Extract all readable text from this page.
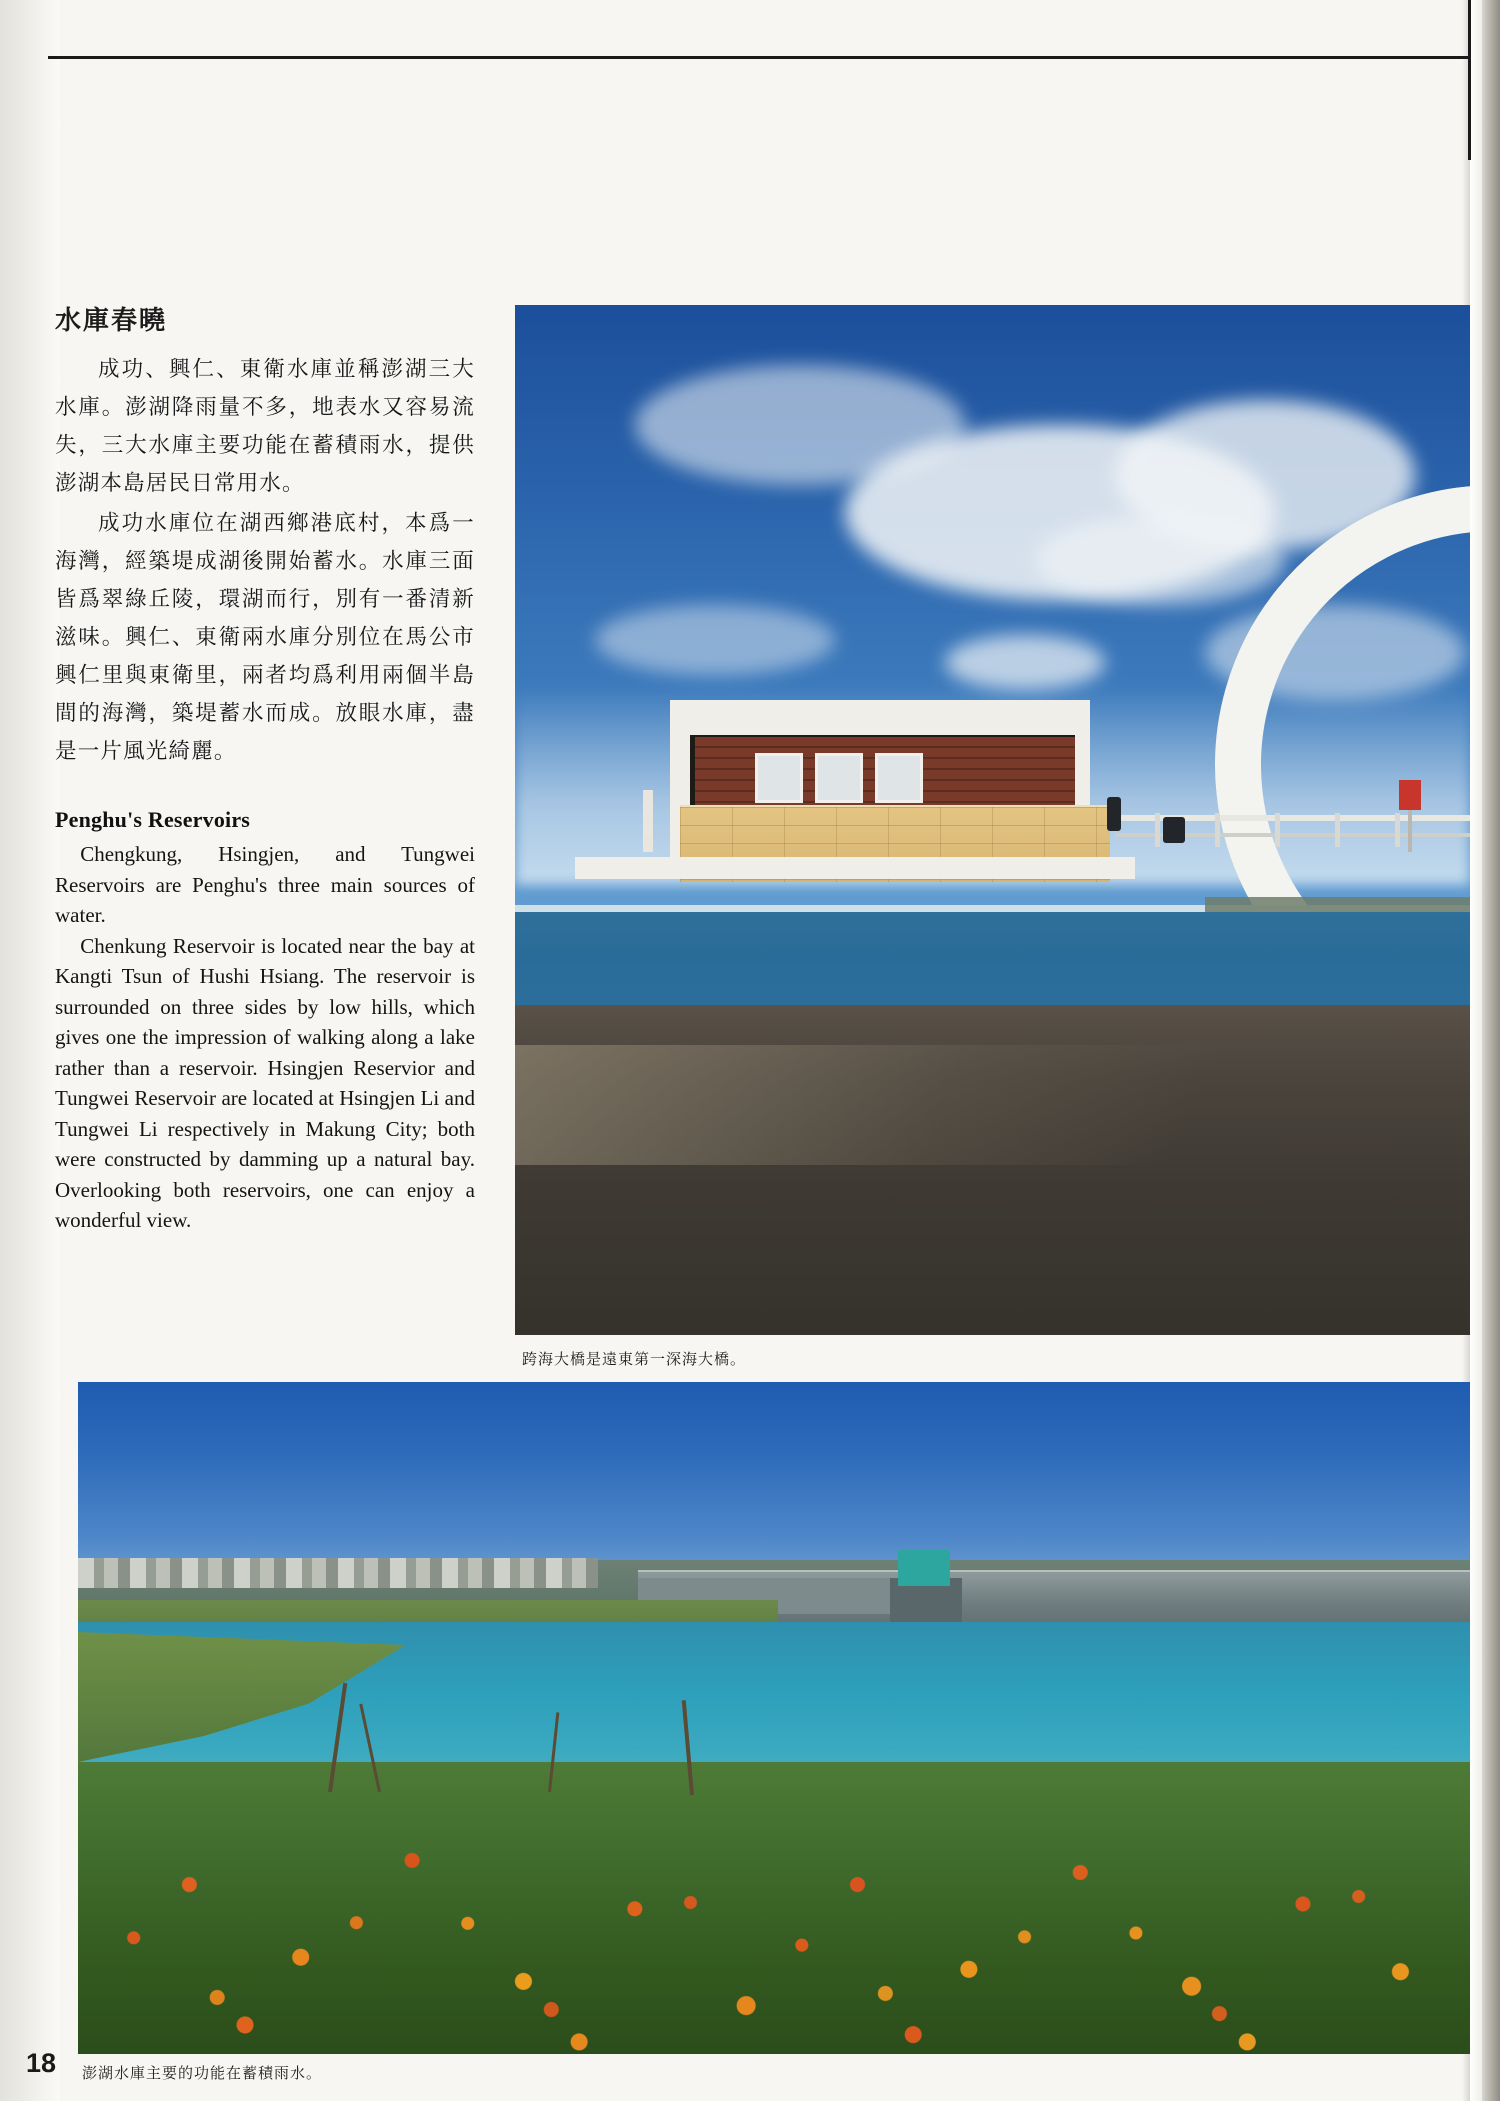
水庫春曉

成功、興仁、東衛水庫並稱澎湖三大水庫。澎湖降雨量不多，地表水又容易流失，三大水庫主要功能在蓄積雨水，提供澎湖本島居民日常用水。

成功水庫位在湖西鄉港底村，本爲一海灣，經築堤成湖後開始蓄水。水庫三面皆爲翠綠丘陵，環湖而行，別有一番清新滋味。興仁、東衛兩水庫分別位在馬公市興仁里與東衛里，兩者均爲利用兩個半島間的海灣，築堤蓄水而成。放眼水庫，盡是一片風光綺麗。

Penghu's Reservoirs

Chengkung, Hsingjen, and Tungwei Reservoirs are Penghu's three main sources of water.

Chenkung Reservoir is located near the bay at Kangti Tsun of Hushi Hsiang. The reservoir is surrounded on three sides by low hills, which gives one the impression of walking along a lake rather than a reservoir. Hsingjen Reservior and Tungwei Reservoir are located at Hsingjen Li and Tungwei Li respectively in Makung City; both were constructed by damming up a natural bay. Overlooking both reservoirs, one can enjoy a wonderful view.

跨海大橋是遠東第一深海大橋。
澎湖水庫主要的功能在蓄積雨水。
18
